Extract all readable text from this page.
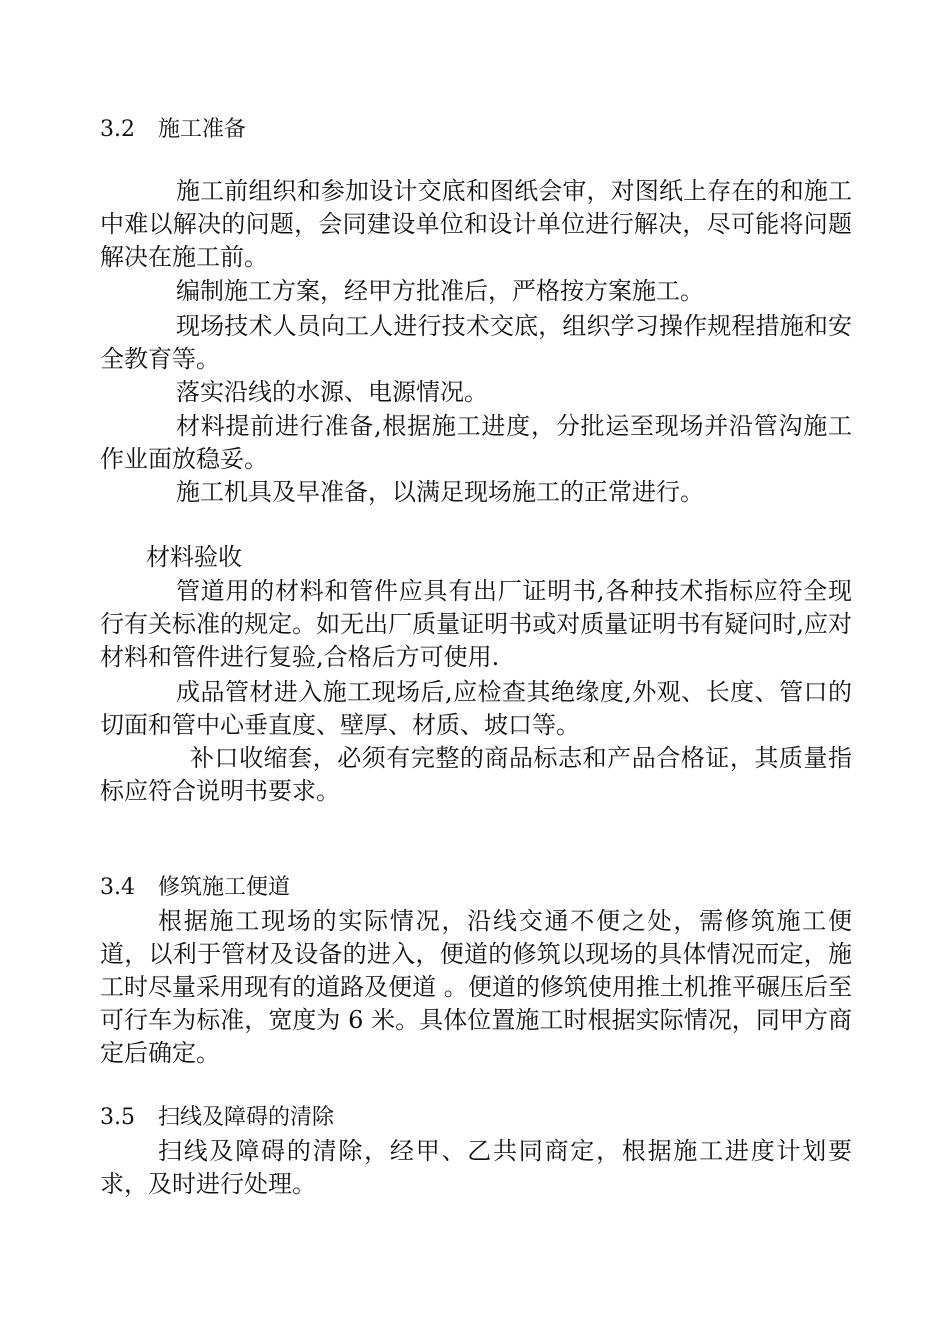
3.2 施工准备
施工前组织和参加设计交底和图纸会审，对图纸上存在的和施工中难以解决的问题，会同建设单位和设计单位进行解决，尽可能将问题解决在施工前。
编制施工方案，经甲方批准后，严格按方案施工。
现场技术人员向工人进行技术交底，组织学习操作规程措施和安全教育等。
落实沿线的水源、电源情况。
材料提前进行准备,根据施工进度，分批运至现场并沿管沟施工作业面放稳妥。
施工机具及早准备，以满足现场施工的正常进行。
材料验收
管道用的材料和管件应具有出厂证明书,各种技术指标应符全现行有关标准的规定。如无出厂质量证明书或对质量证明书有疑问时,应对材料和管件进行复验,合格后方可使用.
成品管材进入施工现场后,应检查其绝缘度,外观、长度、管口的切面和管中心垂直度、壁厚、材质、坡口等。
补口收缩套，必须有完整的商品标志和产品合格证，其质量指标应符合说明书要求。
3.4 修筑施工便道
根据施工现场的实际情况，沿线交通不便之处，需修筑施工便道，以利于管材及设备的进入，便道的修筑以现场的具体情况而定，施工时尽量采用现有的道路及便道 。便道的修筑使用推土机推平碾压后至可行车为标准，宽度为 6 米。具体位置施工时根据实际情况，同甲方商定后确定。
3.5 扫线及障碍的清除
扫线及障碍的清除，经甲、乙共同商定，根据施工进度计划要求，及时进行处理。
